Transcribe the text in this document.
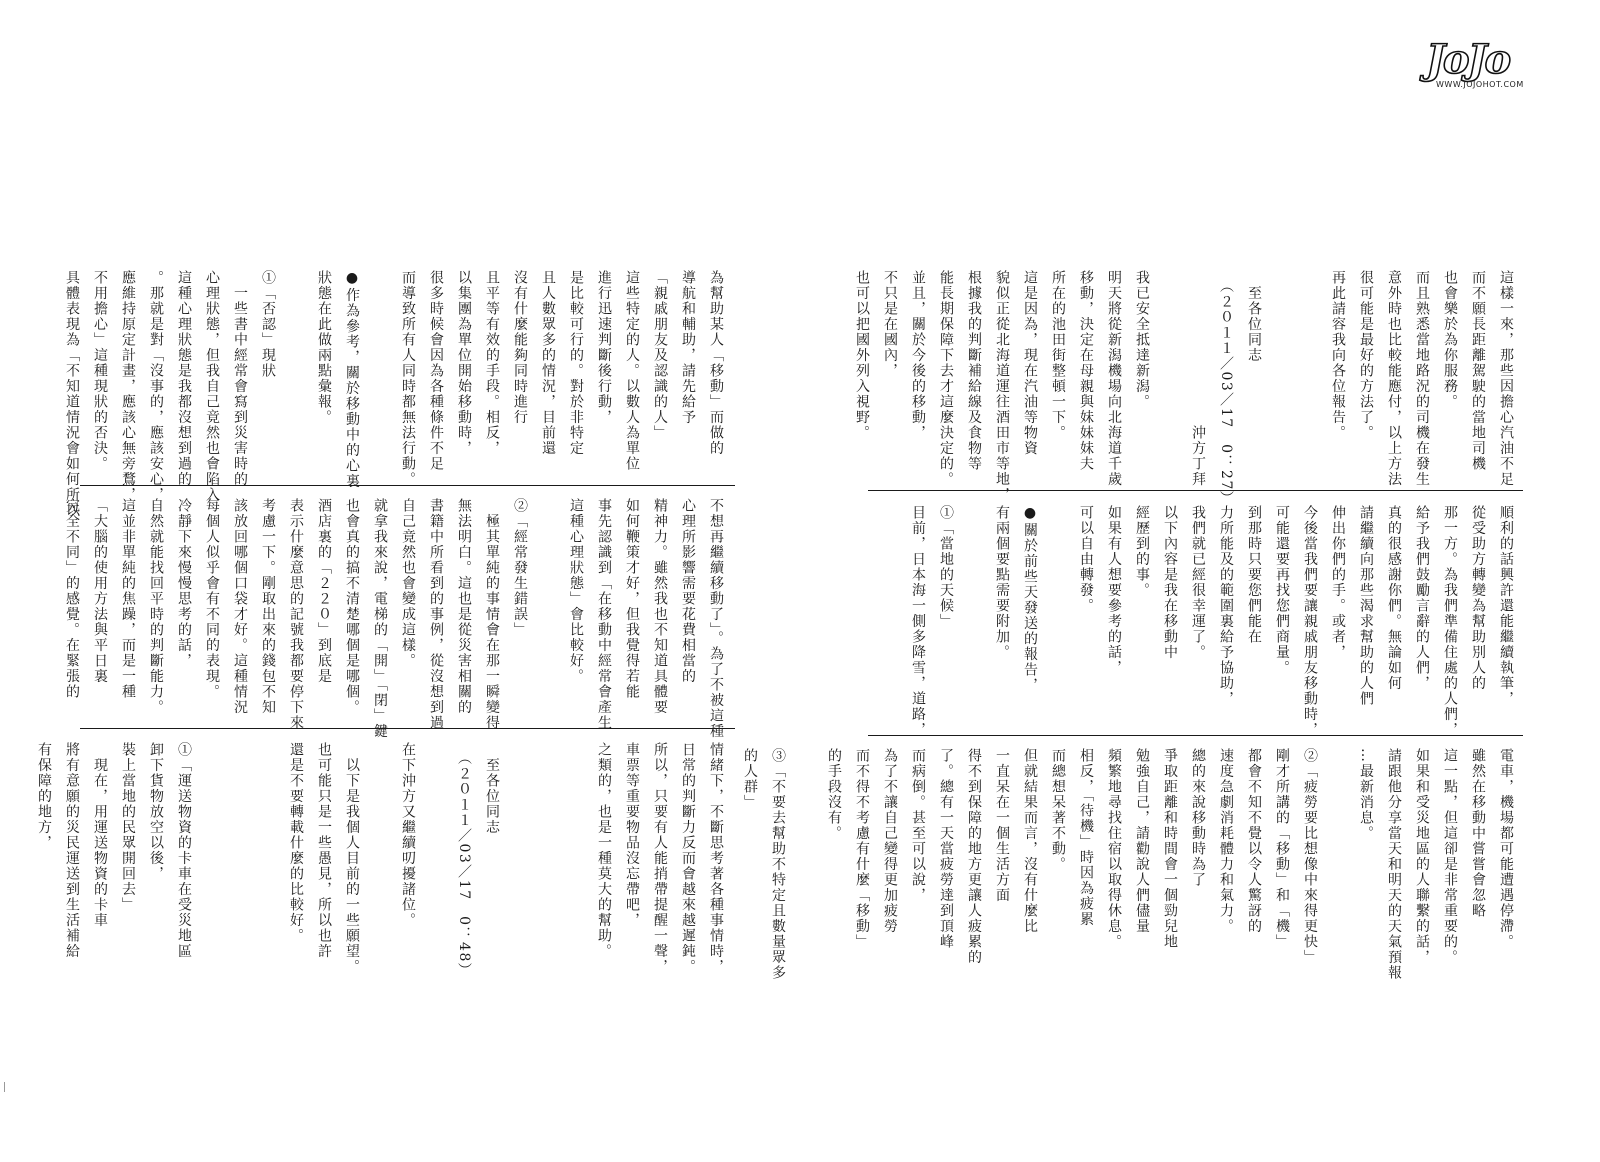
JoJo
WWW.JOJOHOT.COM
這樣一來，那些因擔心汽油不足
而不願長距離駕駛的當地司機
也會樂於為你服務。
而且熟悉當地路況的司機在發生
意外時也比較能應付，以上方法
很可能是最好的方法了。
再此請容我向各位報告。

　至各位同志
　（２０１１／03／17　0：27）
　　　　　　　　　　沖方丁拜

我已安全抵達新潟。
明天將從新潟機場向北海道千歲
移動，決定在母親與妹妹妹夫
所在的池田街整頓一下。
這是因為，現在汽油等物資
貌似正從北海道運往酒田市等地，
根據我的判斷補給線及食物等
能長期保障下去才這麼決定的。
並且，關於今後的移動，
不只是在國內，
也可以把國外列入視野。
順利的話興許還能繼續執筆，
從受助方轉變為幫助別人的
那一方。為我們準備住處的人們，
給予我們鼓勵言辭的人們，
真的很感謝你們。無論如何
請繼續向那些渴求幫助的人們
伸出你們的手。或者，
今後當我們要讓親戚朋友移動時，
可能還要再找您們商量。
到那時只要您們能在
力所能及的範圍裏給予協助，
我們就已經很幸運了。
以下內容是我在移動中
經歷到的事。
如果有人想要參考的話，
可以自由轉發。

●關於前些天發送的報告，
有兩個要點需要附加。

①「當地的天候」
目前，日本海一側多降雪，道路，
電車，機場都可能遭遇停滯。
雖然在移動中嘗嘗會忽略
這一點，但這卻是非常重要的。
如果和受災地區的人聯繫的話，
請跟他分享當天和明天的天氣預報
…最新消息。

②「疲勞要比想像中來得更快」
剛才所講的「移動」和「機」
都會不知不覺以令人驚訝的
速度急劇消耗體力和氣力。
總的來說移動時為了
爭取距離和時間會一個勁兒地
勉強自己，請勸說人們儘量
頻繁地尋找住宿以取得休息。
相反，「待機」時因為疲累
而總想呆著不動。
但就結果而言，沒有什麼比
一直呆在一個生活方面
得不到保障的地方更讓人疲累的
了。總有一天當疲勞達到頂峰
而病倒。甚至可以說，
為了不讓自己變得更加疲勞
而不得不考慮有什麼「移動」
的手段沒有。

③「不要去幫助不特定且數量眾多
的人群」
為幫助某人「移動」而做的
導航和輔助，請先給予
「親戚朋友及認識的人」
這些特定的人。以數人為單位
進行迅速判斷後行動，
是比較可行的。對於非特定
且人數眾多的情況，目前還
沒有什麼能夠同時進行
且平等有效的手段。相反，
以集團為單位開始移動時，
很多時候會因為各種條件不足
而導致所有人同時都無法行動。

●作為參考，關於移動中的心裏
狀態在此做兩點彙報。

①「否認」現狀
　一些書中經常會寫到災害時的
心理狀態，但我自己竟然也會陷入
這種心理狀態是我都沒想到過的
。那就是對「沒事的，應該安心，
應維持原定計畫，應該心無旁鶩，
不用擔心」這種現狀的否決。
具體表現為「不知道情況會如何所以
不想再繼續移動了」。為了不被這種
心理所影響需要花費相當的
精神力。雖然我也不知道具體要
如何鞭策才好，但我覺得若能
事先認識到「在移動中經常會產生
這種心理狀態」會比較好。

②「經常發生錯誤」
　極其單純的事情會在那一瞬變得
無法明白。這也是從災害相關的
書籍中所看到的事例，從沒想到過
自己竟然也會變成這樣。
就拿我來說，電梯的「開」「閉」鍵
也會真的搞不清楚哪個是哪個。
酒店裏的「２２０」到底是
表示什麼意思的記號我都要停下來
考慮一下。剛取出來的錢包不知
該放回哪個口袋才好。這種情況
每個人似乎會有不同的表現。
冷靜下來慢慢思考的話，
自然就能找回平時的判斷能力。
這並非單純的焦躁，而是一種
「大腦的使用方法與平日裏
完全不同」的感覺。在緊張的
情緒下，不斷思考著各種事情時，
日常的判斷力反而會越來越遲鈍。
所以，只要有人能捎帶提醒一聲，
車票等重要物品沒忘帶吧，
之類的，也是一種莫大的幫助。

　至各位同志
　（２０１１／03／17　0：48）

在下沖方又繼續叨擾諸位。

　以下是我個人目前的一些願望。
也可能只是一些愚見，所以也許
還是不要轉載什麼的比較好。

①「運送物資的卡車在受災地區
卸下貨物放空以後，
裝上當地的民眾開回去」
　現在，用運送物資的卡車
將有意願的災民運送到生活補給
有保障的地方，
